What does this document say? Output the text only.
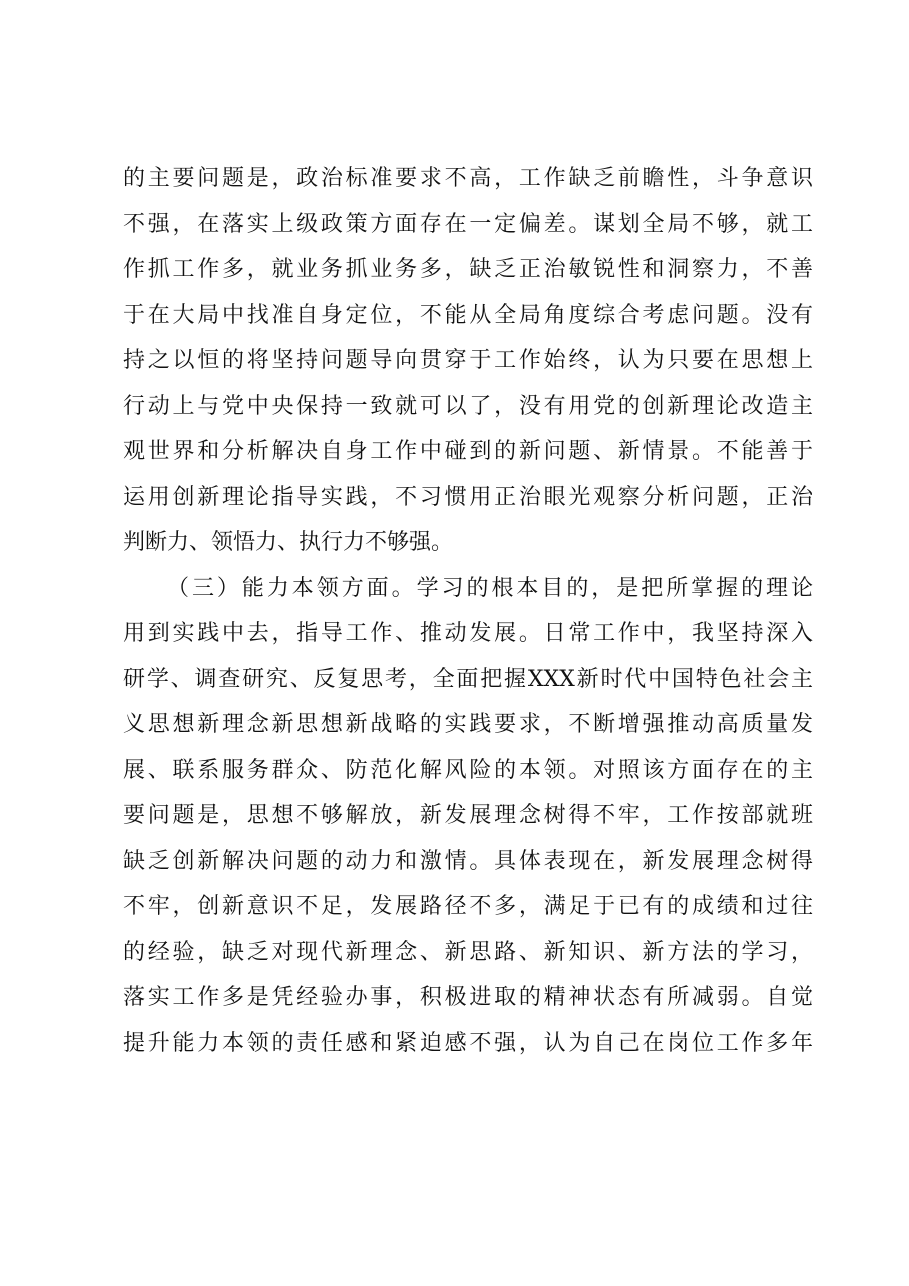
的主要问题是，政治标准要求不高，工作缺乏前瞻性，斗争意识
不强，在落实上级政策方面存在一定偏差。谋划全局不够，就工
作抓工作多，就业务抓业务多，缺乏正治敏锐性和洞察力，不善
于在大局中找准自身定位，不能从全局角度综合考虑问题。没有
持之以恒的将坚持问题导向贯穿于工作始终，认为只要在思想上
行动上与党中央保持一致就可以了，没有用党的创新理论改造主
观世界和分析解决自身工作中碰到的新问题、新情景。不能善于
运用创新理论指导实践，不习惯用正治眼光观察分析问题，正治
判断力、领悟力、执行力不够强。
（三）能力本领方面。学习的根本目的，是把所掌握的理论
用到实践中去，指导工作、推动发展。日常工作中，我坚持深入
研学、调查研究、反复思考，全面把握XXX新时代中国特色社会主
义思想新理念新思想新战略的实践要求，不断增强推动高质量发
展、联系服务群众、防范化解风险的本领。对照该方面存在的主
要问题是，思想不够解放，新发展理念树得不牢，工作按部就班
缺乏创新解决问题的动力和激情。具体表现在，新发展理念树得
不牢，创新意识不足，发展路径不多，满足于已有的成绩和过往
的经验，缺乏对现代新理念、新思路、新知识、新方法的学习，
落实工作多是凭经验办事，积极进取的精神状态有所减弱。自觉
提升能力本领的责任感和紧迫感不强，认为自己在岗位工作多年
